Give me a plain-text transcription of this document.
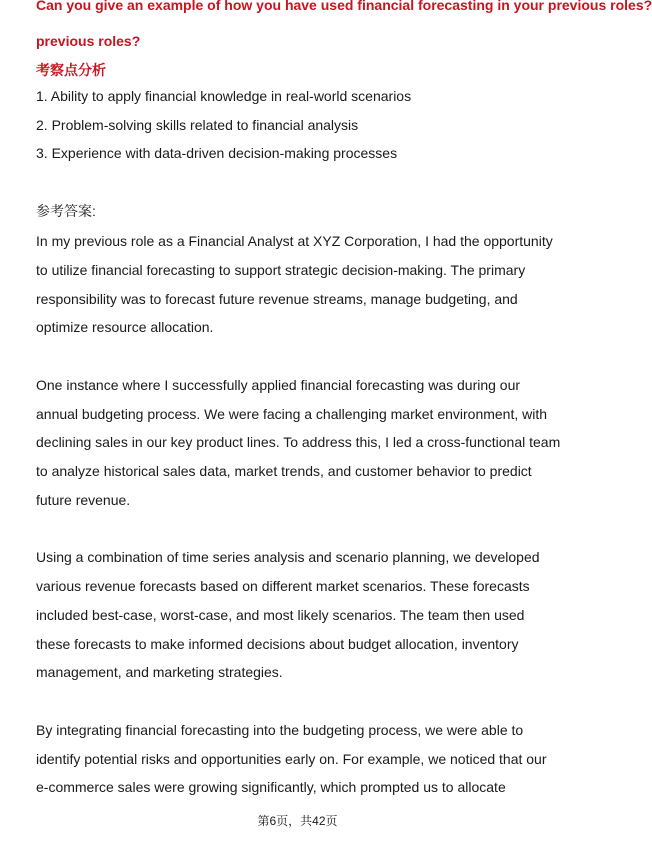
Can you give an example of how you have used financial forecasting in your previous roles?
previous roles?
考察点分析
1. Ability to apply financial knowledge in real-world scenarios
2. Problem-solving skills related to financial analysis
3. Experience with data-driven decision-making processes
参考答案:

In my previous role as a Financial Analyst at XYZ Corporation, I had the opportunity to utilize financial forecasting to support strategic decision-making. The primary responsibility was to forecast future revenue streams, manage budgeting, and optimize resource allocation.

One instance where I successfully applied financial forecasting was during our annual budgeting process. We were facing a challenging market environment, with declining sales in our key product lines. To address this, I led a cross-functional team to analyze historical sales data, market trends, and customer behavior to predict future revenue.

Using a combination of time series analysis and scenario planning, we developed various revenue forecasts based on different market scenarios. These forecasts included best-case, worst-case, and most likely scenarios. The team then used these forecasts to make informed decisions about budget allocation, inventory management, and marketing strategies.

By integrating financial forecasting into the budgeting process, we were able to identify potential risks and opportunities early on. For example, we noticed that our e-commerce sales were growing significantly, which prompted us to allocate

第6页，共42页
